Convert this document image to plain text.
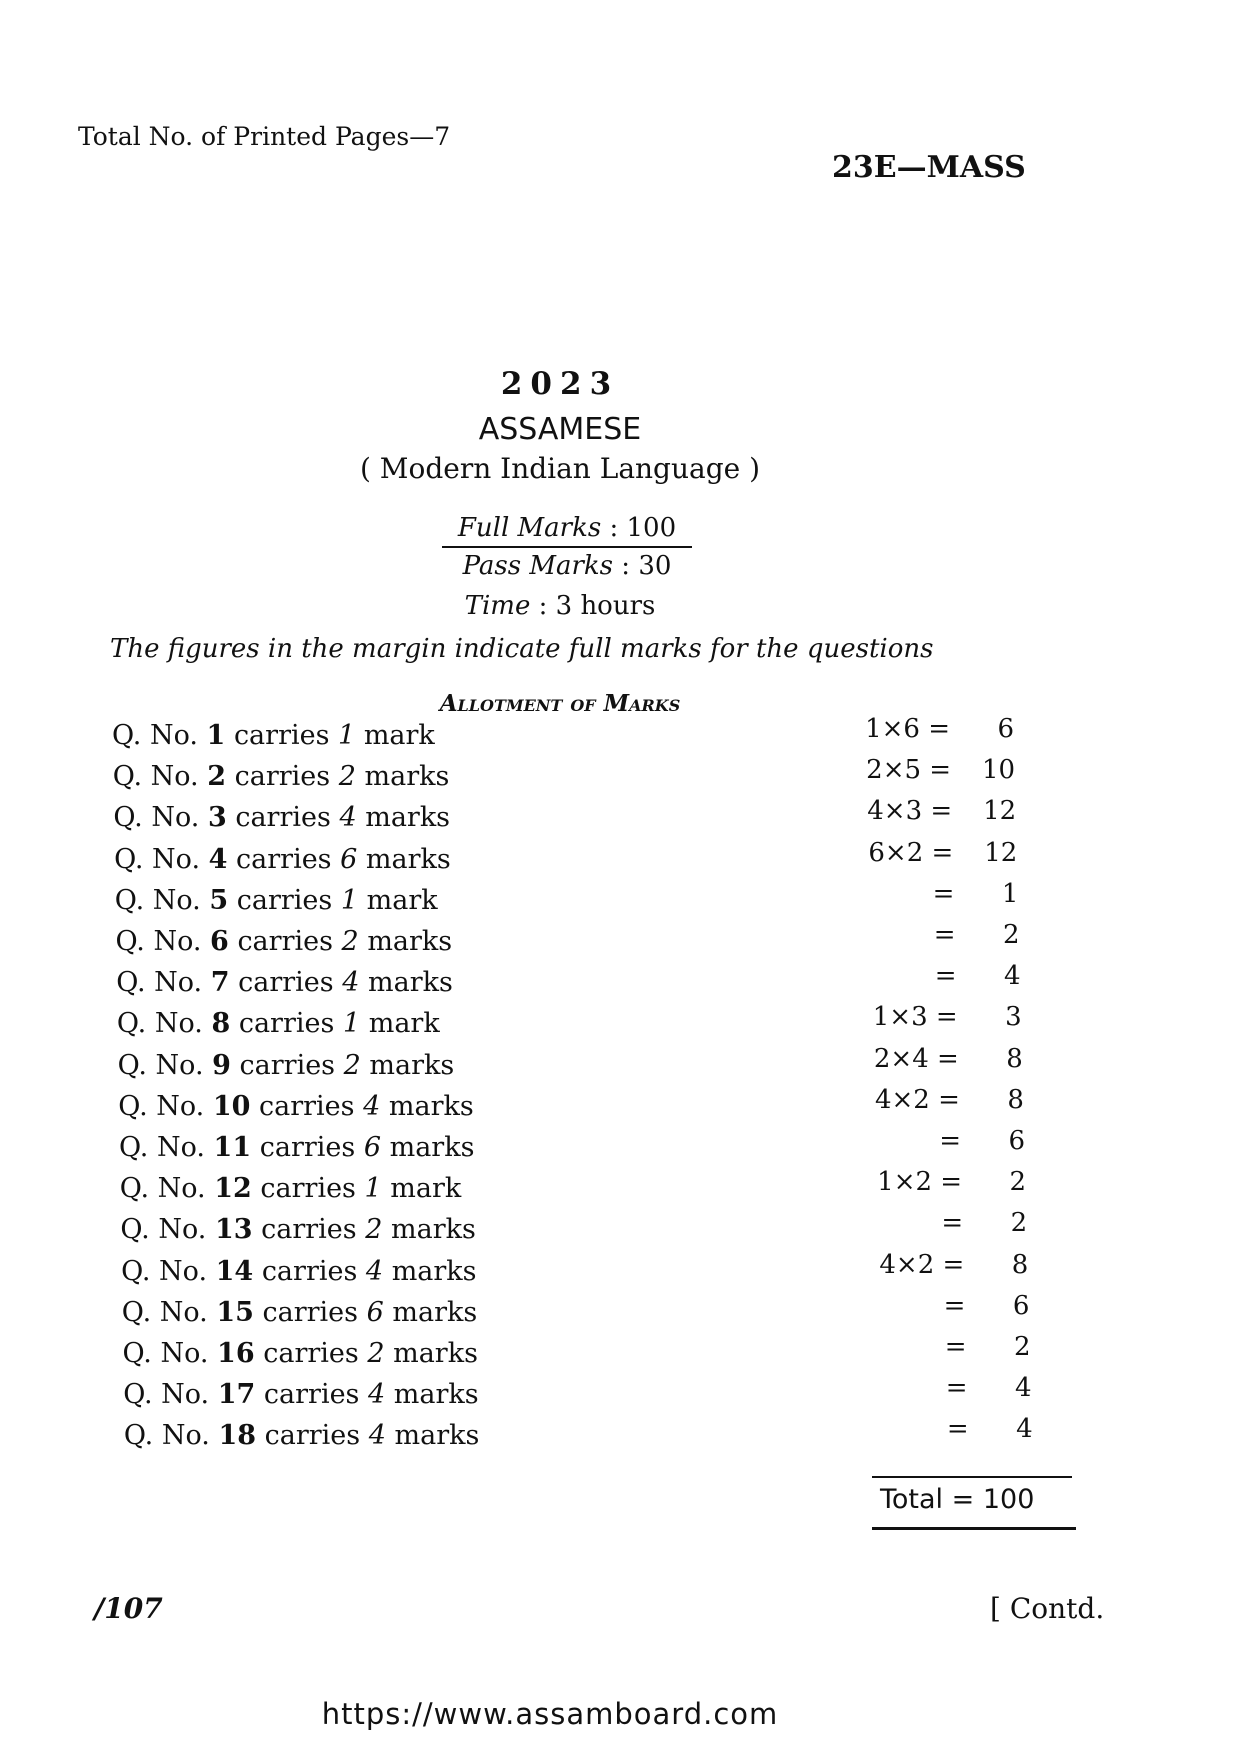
Total No. of Printed Pages—7
23E—MASS
2023
ASSAMESE
( Modern Indian Language )
Full Marks
: 100
Pass Marks
: 30
Time : 3 hours
The figures in the margin indicate full marks for the questions
Allotment of Marks
Q. No. 1 carries 1 mark	1×6 =	6
Q. No. 2 carries 2 marks	2×5 =	10
Q. No. 3 carries 4 marks	4×3 =	12
Q. No. 4 carries 6 marks	6×2 =	12
Q. No. 5 carries 1 mark	=	1
Q. No. 6 carries 2 marks	=	2
Q. No. 7 carries 4 marks	=	4
Q. No. 8 carries 1 mark	1×3 =	3
Q. No. 9 carries 2 marks	2×4 =	8
Q. No. 10 carries 4 marks	4×2 =	8
Q. No. 11 carries 6 marks	=	6
Q. No. 12 carries 1 mark	1×2 =	2
Q. No. 13 carries 2 marks	=	2
Q. No. 14 carries 4 marks	4×2 =	8
Q. No. 15 carries 6 marks	=	6
Q. No. 16 carries 2 marks	=	2
Q. No. 17 carries 4 marks	=	4
Q. No. 18 carries 4 marks	=	4
Total = 100
/107	[ Contd.
https://www.assamboard.com
